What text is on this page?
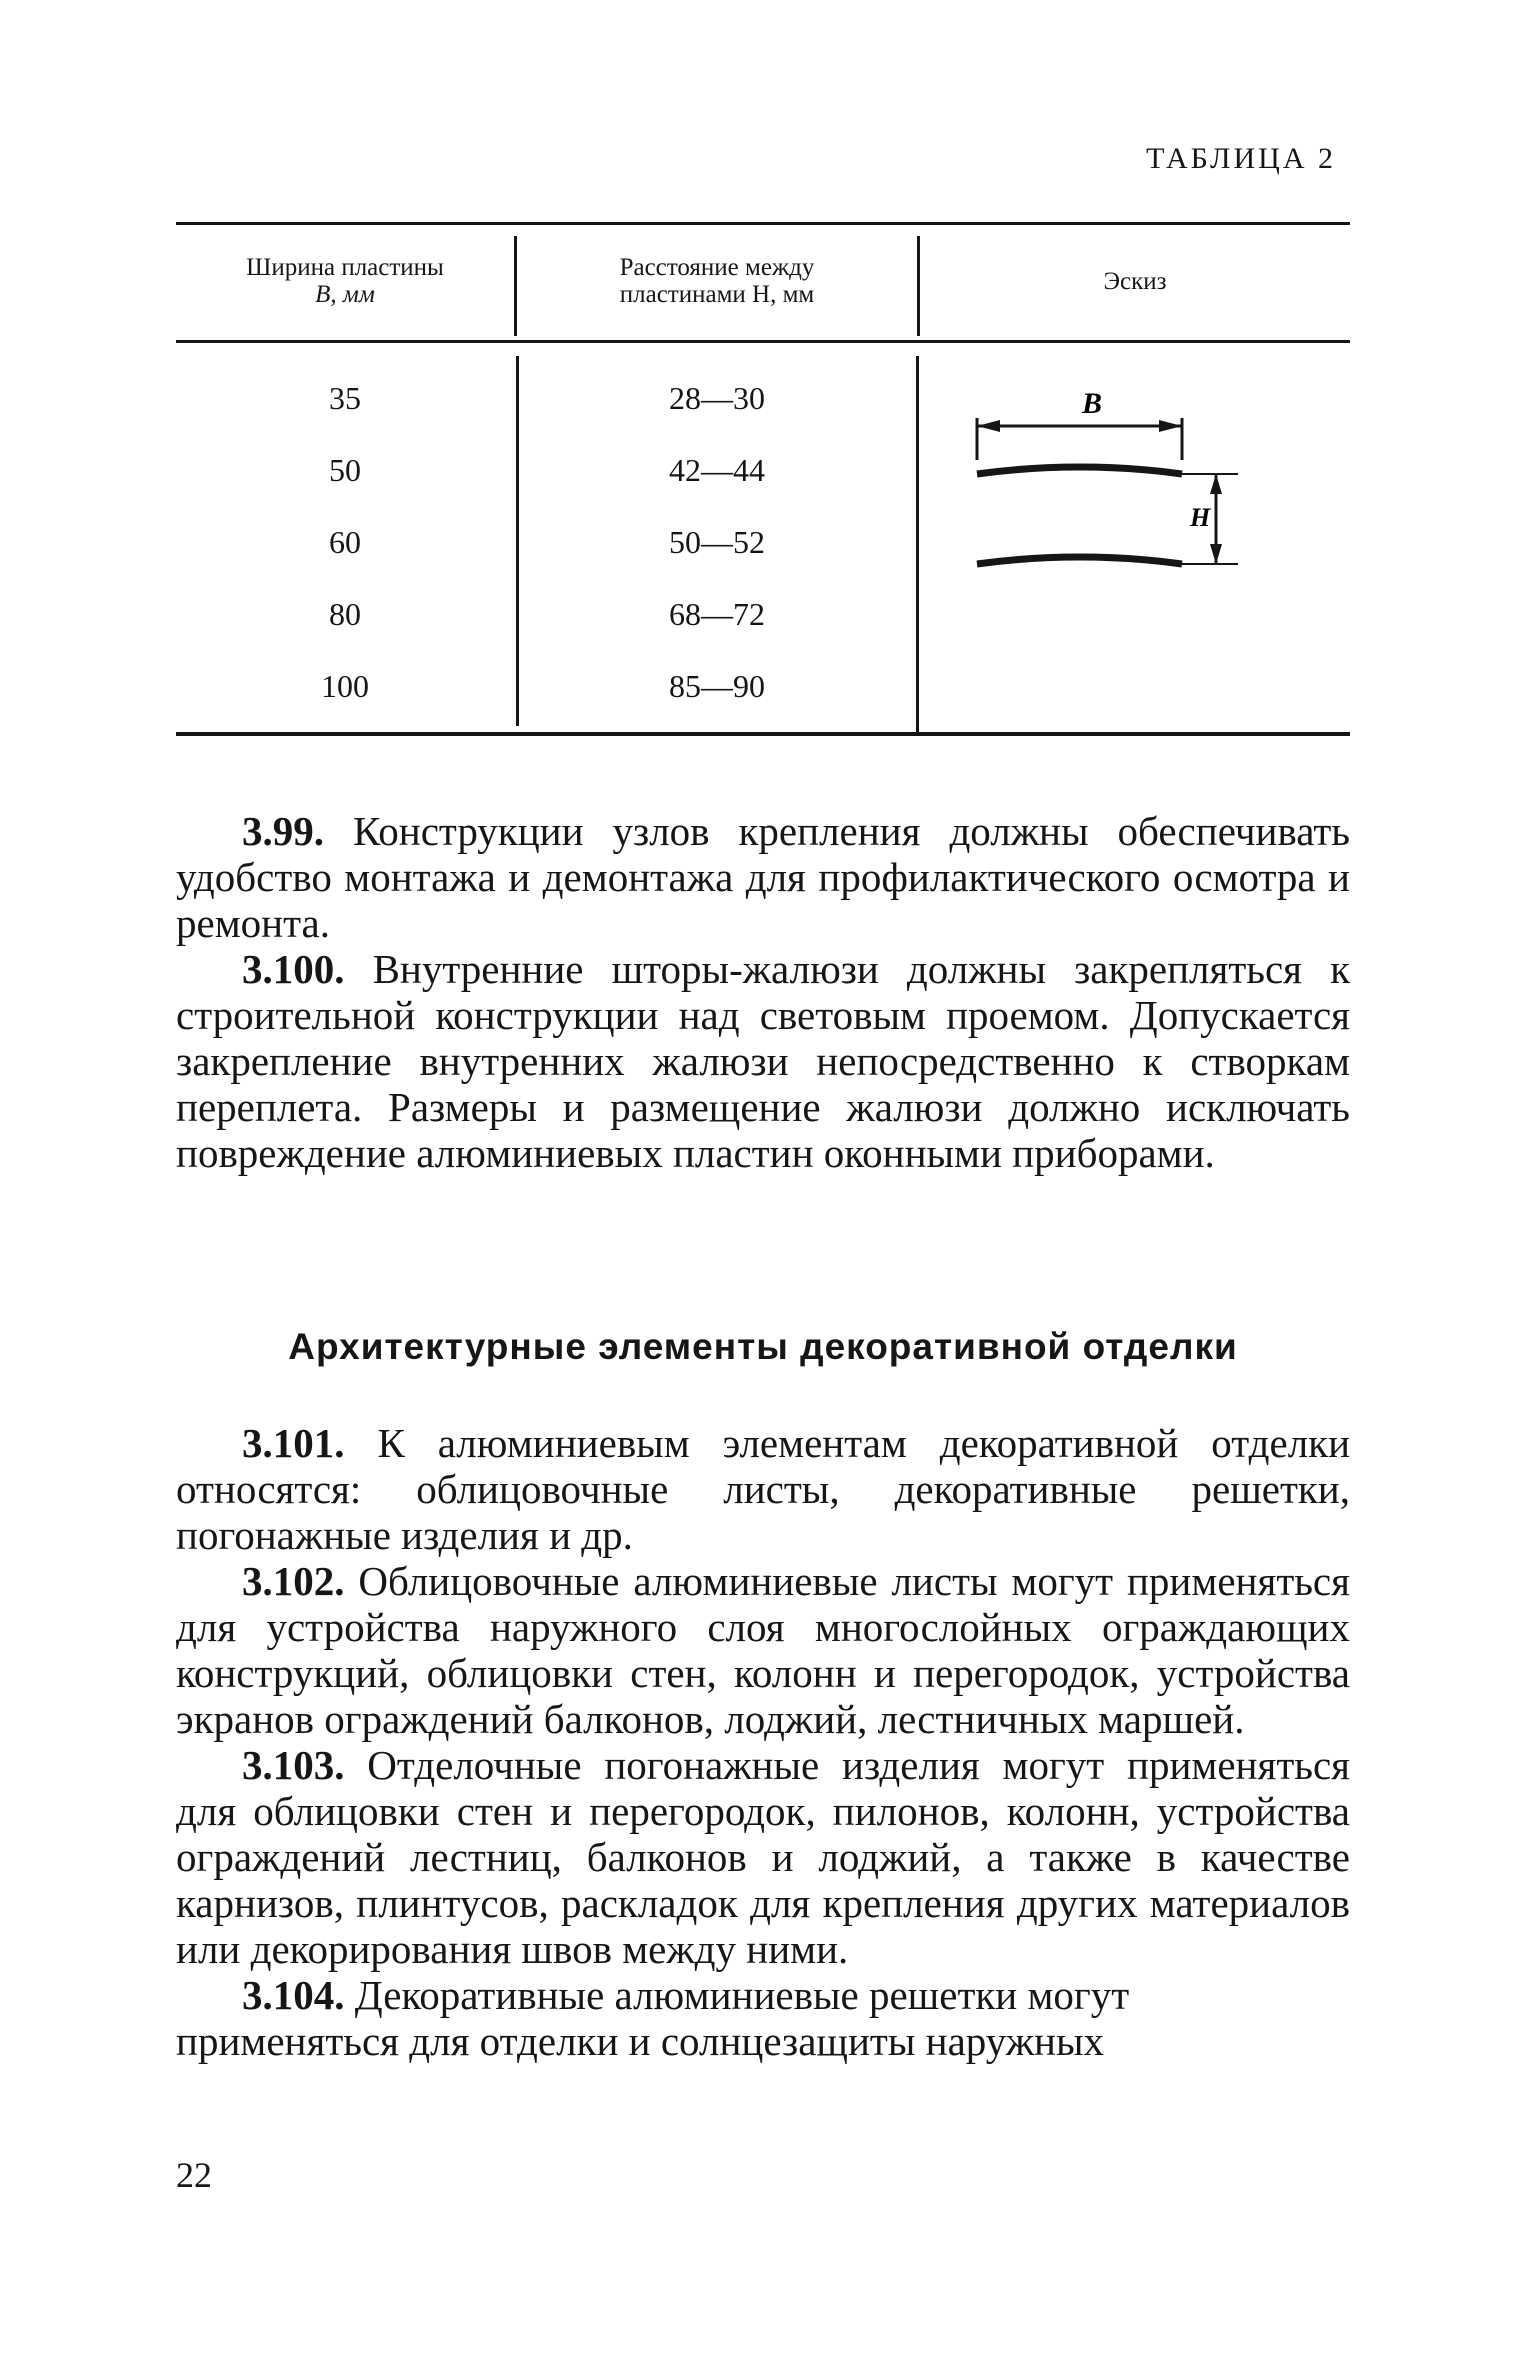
ТАБЛИЦА 2
Ширина пластины
B, мм
Расстояние между
пластинами H, мм	Эскиз
35
50
60
80
100
28—30
42—44
50—52
68—72
85—90
B
H

3.99. Конструкции узлов крепления должны обеспечивать удобство монтажа и демонтажа для профилактического осмотра и ремонта.

3.100. Внутренние шторы-жалюзи должны закрепляться к строительной конструкции над световым проемом. Допускается закрепление внутренних жалюзи непосредственно к створкам переплета. Размеры и размещение жалюзи должно исключать повреждение алюминиевых пластин оконными приборами.

Архитектурные элементы декоративной отделки

3.101. К алюминиевым элементам декоративной отделки относятся: облицовочные листы, декоративные решетки, погонажные изделия и др.

3.102. Облицовочные алюминиевые листы могут применяться для устройства наружного слоя многослойных ограждающих конструкций, облицовки стен, колонн и перегородок, устройства экранов ограждений балконов, лоджий, лестничных маршей.

3.103. Отделочные погонажные изделия могут применяться для облицовки стен и перегородок, пилонов, колонн, устройства ограждений лестниц, балконов и лоджий, а также в качестве карнизов, плинтусов, раскладок для крепления других материалов или декорирования швов между ними.

3.104. Декоративные алюминиевые решетки могут применяться для отделки и солнцезащиты наружных

22
